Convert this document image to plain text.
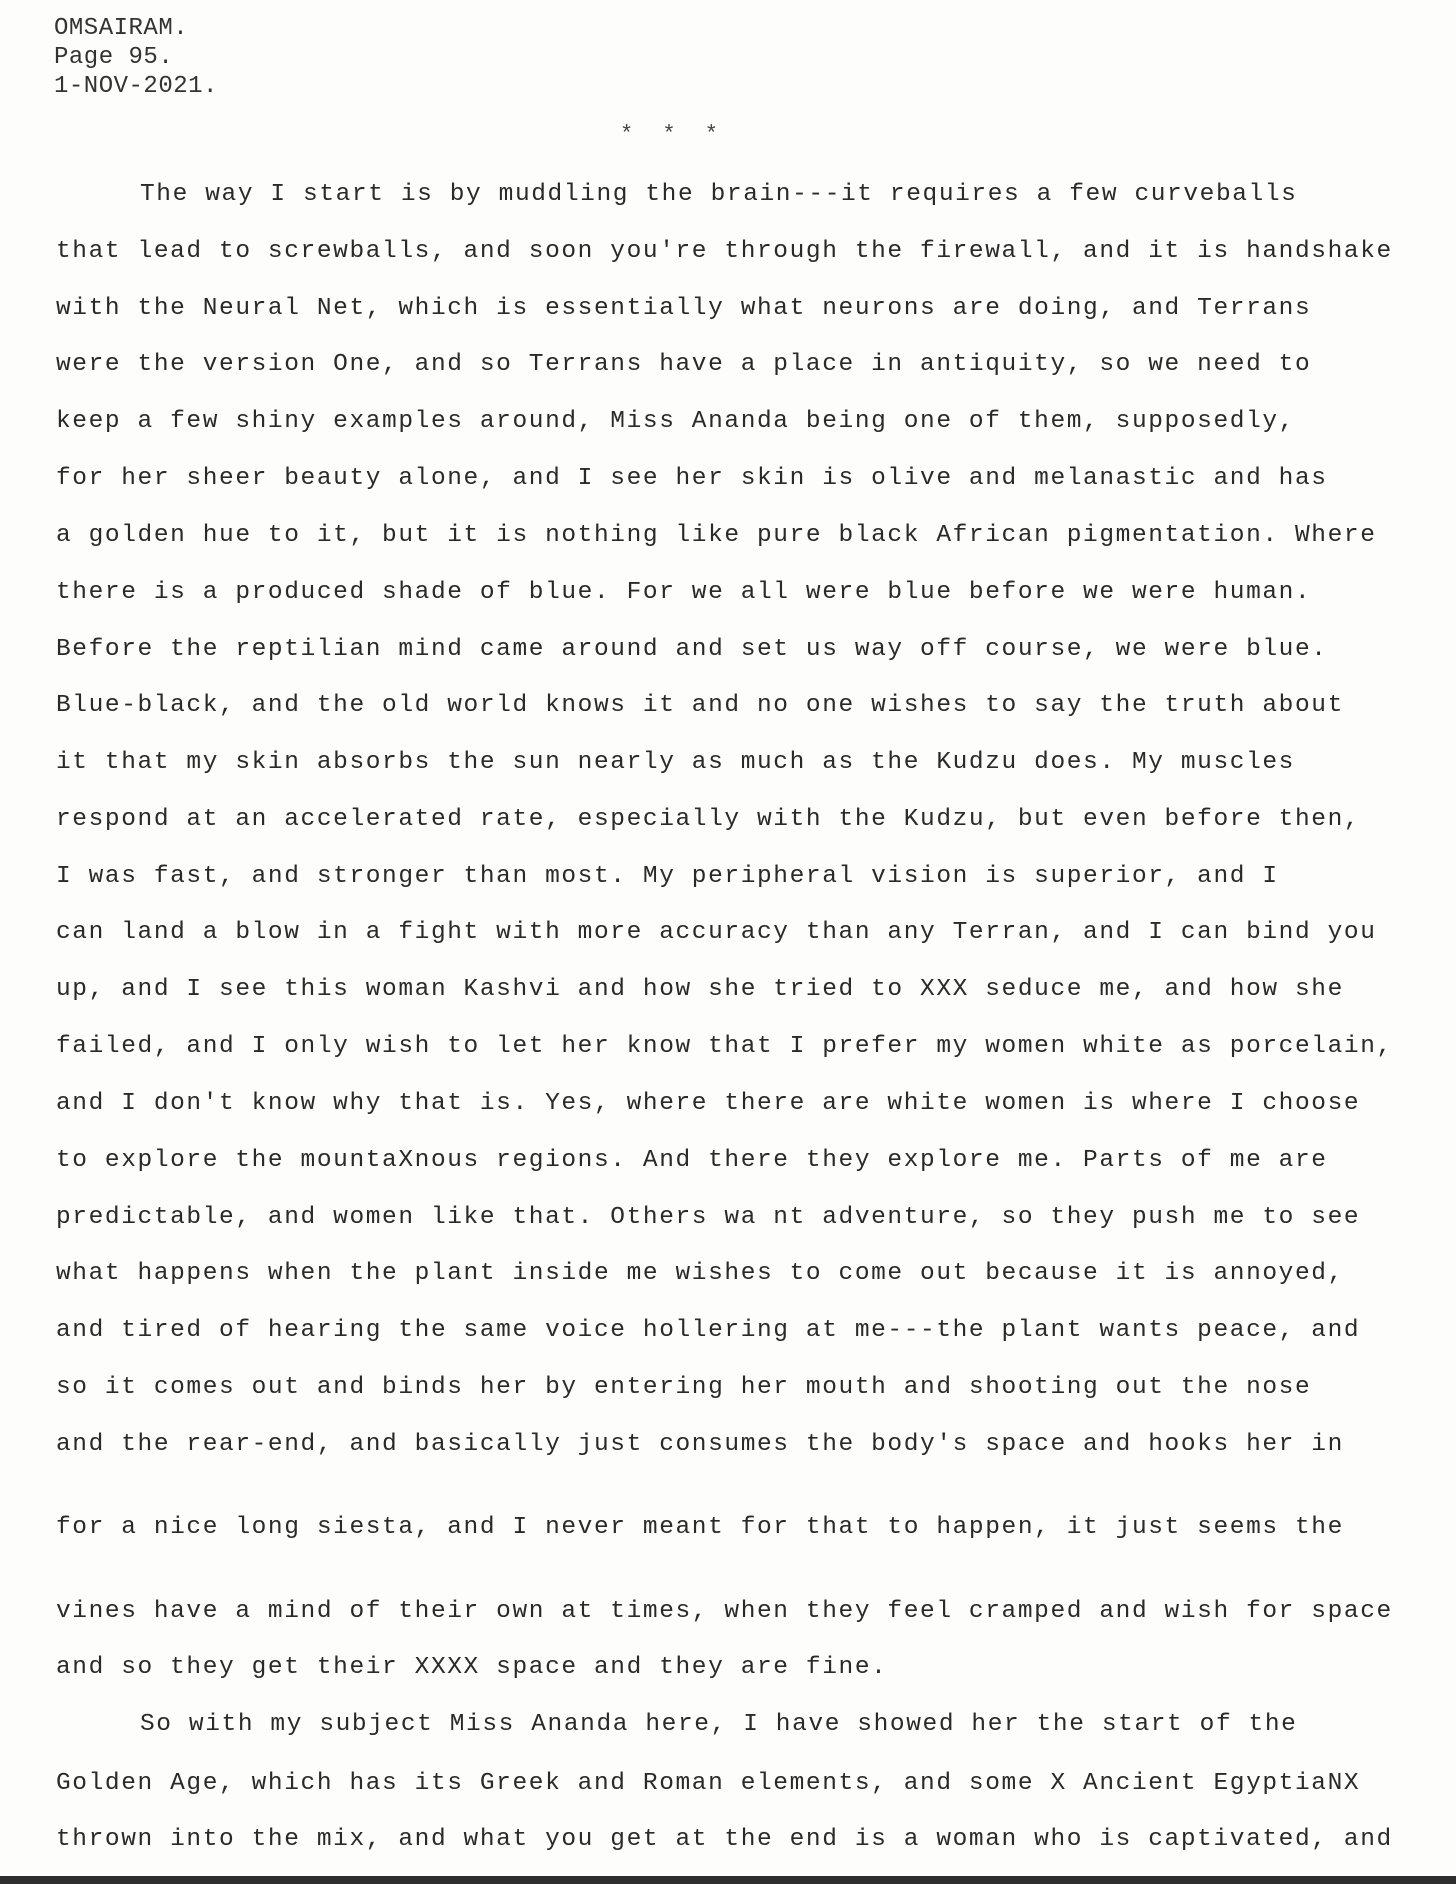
OMSAIRAM.
Page 95.
1-NOV-2021.
* * *
The way I start is by muddling the brain---it requires a few curveballs
that lead to screwballs, and soon you're through the firewall, and it is handshake
with the Neural Net, which is essentially what neurons are doing, and Terrans
were the version One, and so Terrans have a place in antiquity, so we need to
keep a few shiny examples around, Miss Ananda being one of them, supposedly,
for her sheer beauty alone, and I see her skin is olive and melanastic and has
a golden hue to it, but it is nothing like pure black African pigmentation. Where
there is a produced shade of blue. For we all were blue before we were human.
Before the reptilian mind came around and set us way off course, we were blue.
Blue-black, and the old world knows it and no one wishes to say the truth about
it that my skin absorbs the sun nearly as much as the Kudzu does. My muscles
respond at an accelerated rate, especially with the Kudzu, but even before then,
I was fast, and stronger than most. My peripheral vision is superior, and I
can land a blow in a fight with more accuracy than any Terran, and I can bind you
up, and I see this woman Kashvi and how she tried to XXX seduce me, and how she
failed, and I only wish to let her know that I prefer my women white as porcelain,
and I don't know why that is. Yes, where there are white women is where I choose
to explore the mountaXnous regions. And there they explore me. Parts of me are
predictable, and women like that. Others wa nt adventure, so they push me to see
what happens when the plant inside me wishes to come out because it is annoyed,
and tired of hearing the same voice hollering at me---the plant wants peace, and
so it comes out and binds her by entering her mouth and shooting out the nose
and the rear-end, and basically just consumes the body's space and hooks her in
for a nice long siesta, and I never meant for that to happen, it just seems the
vines have a mind of their own at times, when they feel cramped and wish for space
and so they get their XXXX space and they are fine.
So with my subject Miss Ananda here, I have showed her the start of the
Golden Age, which has its Greek and Roman elements, and some X Ancient EgyptiaNX
thrown into the mix, and what you get at the end is a woman who is captivated, and
